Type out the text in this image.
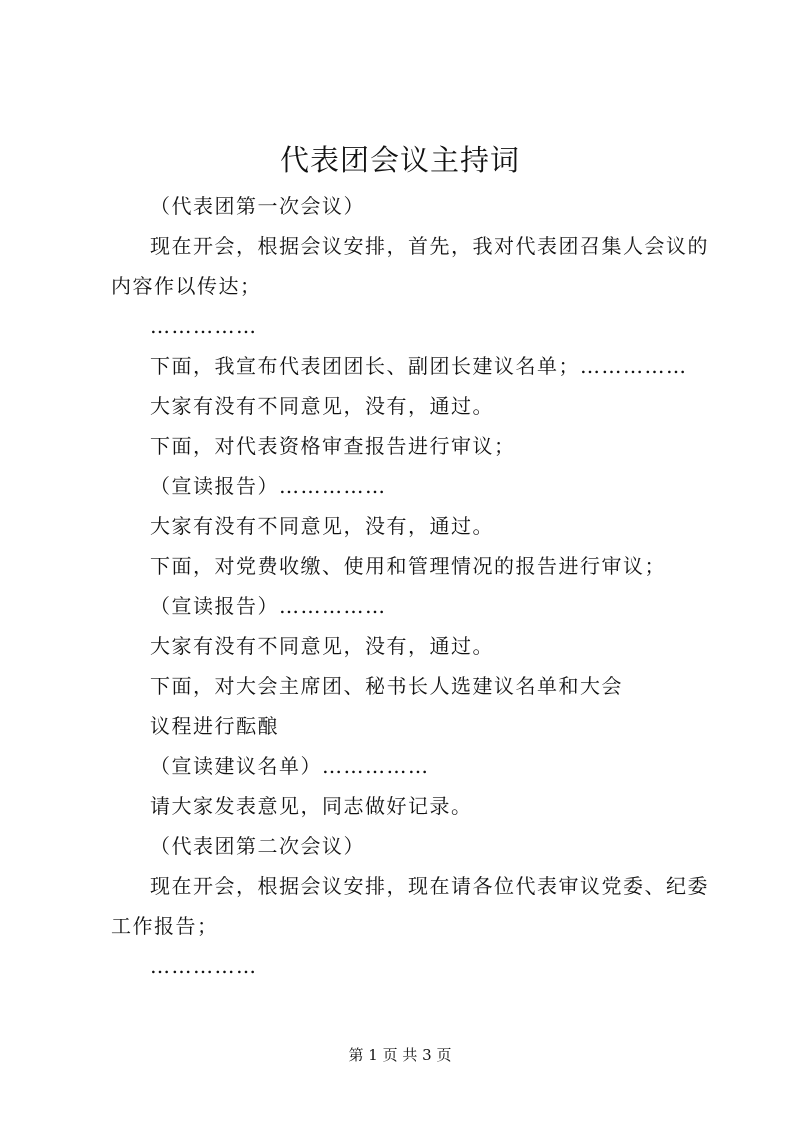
代表团会议主持词
（代表团第一次会议）
现在开会，根据会议安排，首先，我对代表团召集人会议的
内容作以传达；
……………
下面，我宣布代表团团长、副团长建议名单；……………
大家有没有不同意见，没有，通过。
下面，对代表资格审查报告进行审议；
（宣读报告）……………
大家有没有不同意见，没有，通过。
下面，对党费收缴、使用和管理情况的报告进行审议；
（宣读报告）……………
大家有没有不同意见，没有，通过。
下面，对大会主席团、秘书长人选建议名单和大会
议程进行酝酿
（宣读建议名单）……………
请大家发表意见，同志做好记录。
（代表团第二次会议）
现在开会，根据会议安排，现在请各位代表审议党委、纪委
工作报告；
……………
第 1 页 共 3 页
